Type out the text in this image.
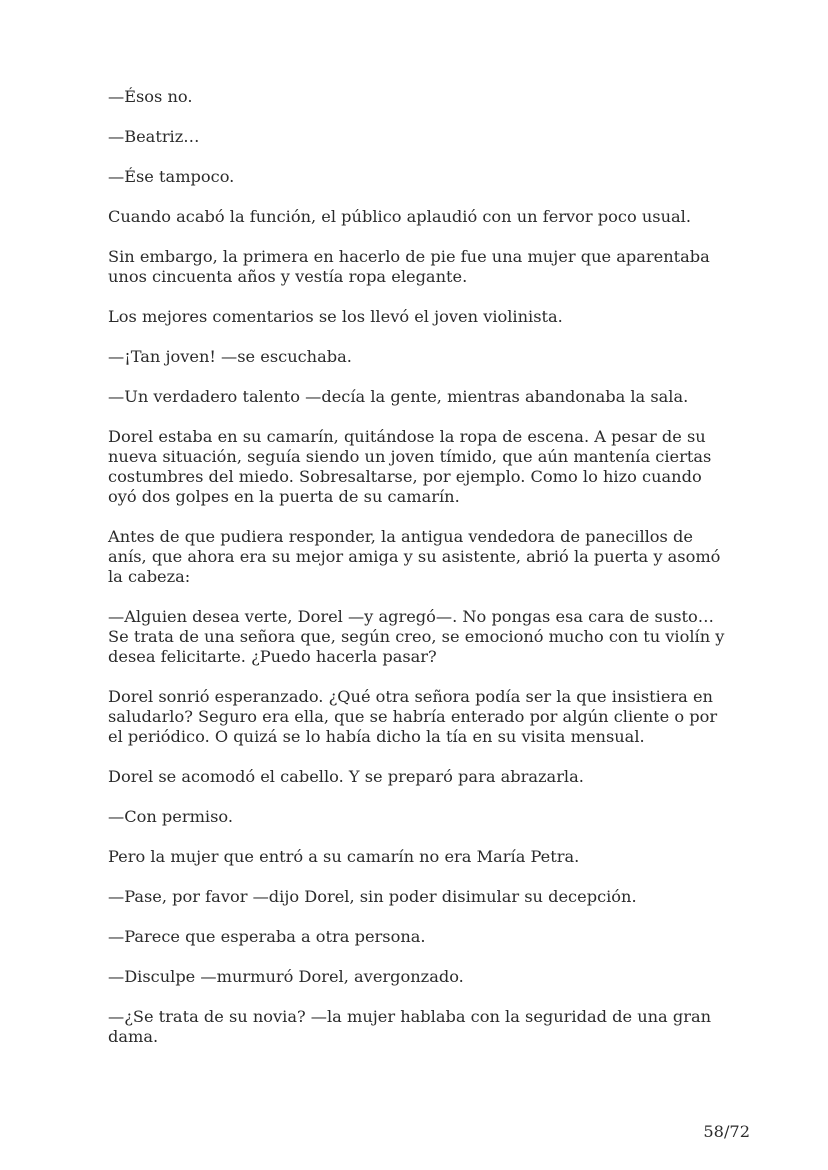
—Ésos no.

—Beatriz…

—Ése tampoco.

Cuando acabó la función, el público aplaudió con un fervor poco usual.

Sin embargo, la primera en hacerlo de pie fue una mujer que aparentaba unos cincuenta años y vestía ropa elegante.

Los mejores comentarios se los llevó el joven violinista.

—¡Tan joven! —se escuchaba.

—Un verdadero talento —decía la gente, mientras abandonaba la sala.

Dorel estaba en su camarín, quitándose la ropa de escena. A pesar de su nueva situación, seguía siendo un joven tímido, que aún mantenía ciertas costumbres del miedo. Sobresaltarse, por ejemplo. Como lo hizo cuando oyó dos golpes en la puerta de su camarín.

Antes de que pudiera responder, la antigua vendedora de panecillos de anís, que ahora era su mejor amiga y su asistente, abrió la puerta y asomó la cabeza:

—Alguien desea verte, Dorel —y agregó—. No pongas esa cara de susto… Se trata de una señora que, según creo, se emocionó mucho con tu violín y desea felicitarte. ¿Puedo hacerla pasar?

Dorel sonrió esperanzado. ¿Qué otra señora podía ser la que insistiera en saludarlo? Seguro era ella, que se habría enterado por algún cliente o por el periódico. O quizá se lo había dicho la tía en su visita mensual.

Dorel se acomodó el cabello. Y se preparó para abrazarla.

—Con permiso.

Pero la mujer que entró a su camarín no era María Petra.

—Pase, por favor —dijo Dorel, sin poder disimular su decepción.

—Parece que esperaba a otra persona.

—Disculpe —murmuró Dorel, avergonzado.

—¿Se trata de su novia? —la mujer hablaba con la seguridad de una gran dama.

58/72
